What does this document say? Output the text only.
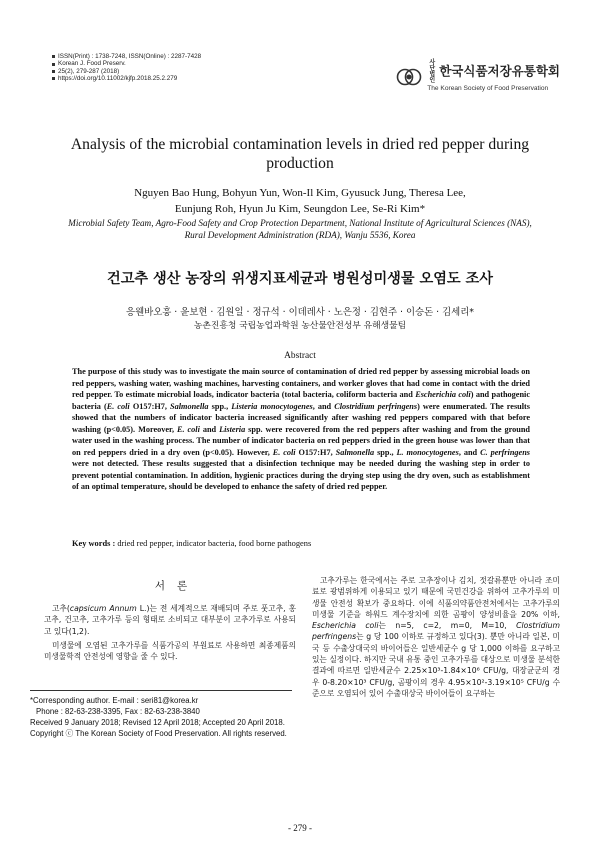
ISSN(Print) : 1738-7248, ISSN(Online) : 2287-7428
Korean J. Food Preserv.
25(2), 279-287 (2018)
https://doi.org/10.11002/kjfp.2018.25.2.279
사단 법인한국식품저장유통학회
The Korean Society of Food Preservation
Analysis of the microbial contamination levels in dried red pepper during production
Nguyen Bao Hung, Bohyun Yun, Won-Il Kim, Gyusuck Jung, Theresa Lee,
Eunjung Roh, Hyun Ju Kim, Seungdon Lee, Se-Ri Kim*
Microbial Safety Team, Agro-Food Safety and Crop Protection Department, National Institute of Agricultural Sciences (NAS),
Rural Development Administration (RDA), Wanju 5536, Korea
건고추 생산 농장의 위생지표세균과 병원성미생물 오염도 조사
응웬바오훙 · 윤보현 · 김원일 · 정규석 · 이데레사 · 노은정 · 김현주 · 이승돈 · 김세리*
농촌진흥청 국립농업과학원 농산물안전성부 유해생물팀
Abstract
The purpose of this study was to investigate the main source of contamination of dried red pepper by assessing microbial loads on red peppers, washing water, washing machines, harvesting containers, and worker gloves that had come in contact with the dried red pepper. To estimate microbial loads, indicator bacteria (total bacteria, coliform bacteria and Escherichia coli) and pathogenic bacteria (E. coli O157:H7, Salmonella spp., Listeria monocytogenes, and Clostridium perfringens) were enumerated. The results showed that the numbers of indicator bacteria increased significantly after washing red peppers compared with that before washing (p<0.05). Moreover, E. coli and Listeria spp. were recovered from the red peppers after washing and from the ground water used in the washing process. The number of indicator bacteria on red peppers dried in the green house was lower than that on red peppers dried in a dry oven (p<0.05). However, E. coli O157:H7, Salmonella spp., L. monocytogenes, and C. perfringens were not detected. These results suggested that a disinfection technique may be needed during the washing step in order to prevent potential contamination. In addition, hygienic practices during the drying step using the dry oven, such as establishment of an optimal temperature, should be developed to enhance the safety of dried red pepper.
Key words : dried red pepper, indicator bacteria, food borne pathogens
서론

고추(capsicum Annum L.)는 전 세계적으로 재배되며 주로 풋고추, 홍고추, 건고추, 고추가루 등의 형태로 소비되고 대부분이 고추가루로 사용되고 있다(1,2).

미생물에 오염된 고추가루를 식품가공의 부원료로 사용하면 최종제품의 미생물학적 안전성에 영향을 줄 수 있다.

고추가루는 한국에서는 주로 고추장이나 김치, 젓갈류뿐만 아니라 조미료로 광범위하게 이용되고 있기 때문에 국민건강을 위하여 고추가루의 미생물 안전성 확보가 중요하다. 이에 식품의약품안전처에서는 고추가루의 미생물 기준을 하워드 계수장치에 의한 곰팡이 양성비율을 20% 이하, Escherichia coli는 n=5, c=2, m=0, M=10, Clostridium perfringens는 g 당 100 이하로 규정하고 있다(3). 뿐만 아니라 일본, 미국 등 수출상대국의 바이어들은 일반세균수 g 당 1,000 이하를 요구하고 있는 실정이다. 하지만 국내 유통 중인 고추가루를 대상으로 미생물 분석한 결과에 따르면 일반세균수 2.25×10³-1.84×10⁶ CFU/g, 대장균군의 경우 0-8.20×10³ CFU/g, 곰팡이의 경우 4.95×10²-3.19×10⁵ CFU/g 수준으로 오염되어 있어 수출대상국 바이어들이 요구하는

*Corresponding author. E-mail : seri81@korea.kr
Phone : 82-63-238-3395, Fax : 82-63-238-3840
Received 9 January 2018; Revised 12 April 2018; Accepted 20 April 2018.
Copyright ⓒ The Korean Society of Food Preservation. All rights reserved.
- 279 -
